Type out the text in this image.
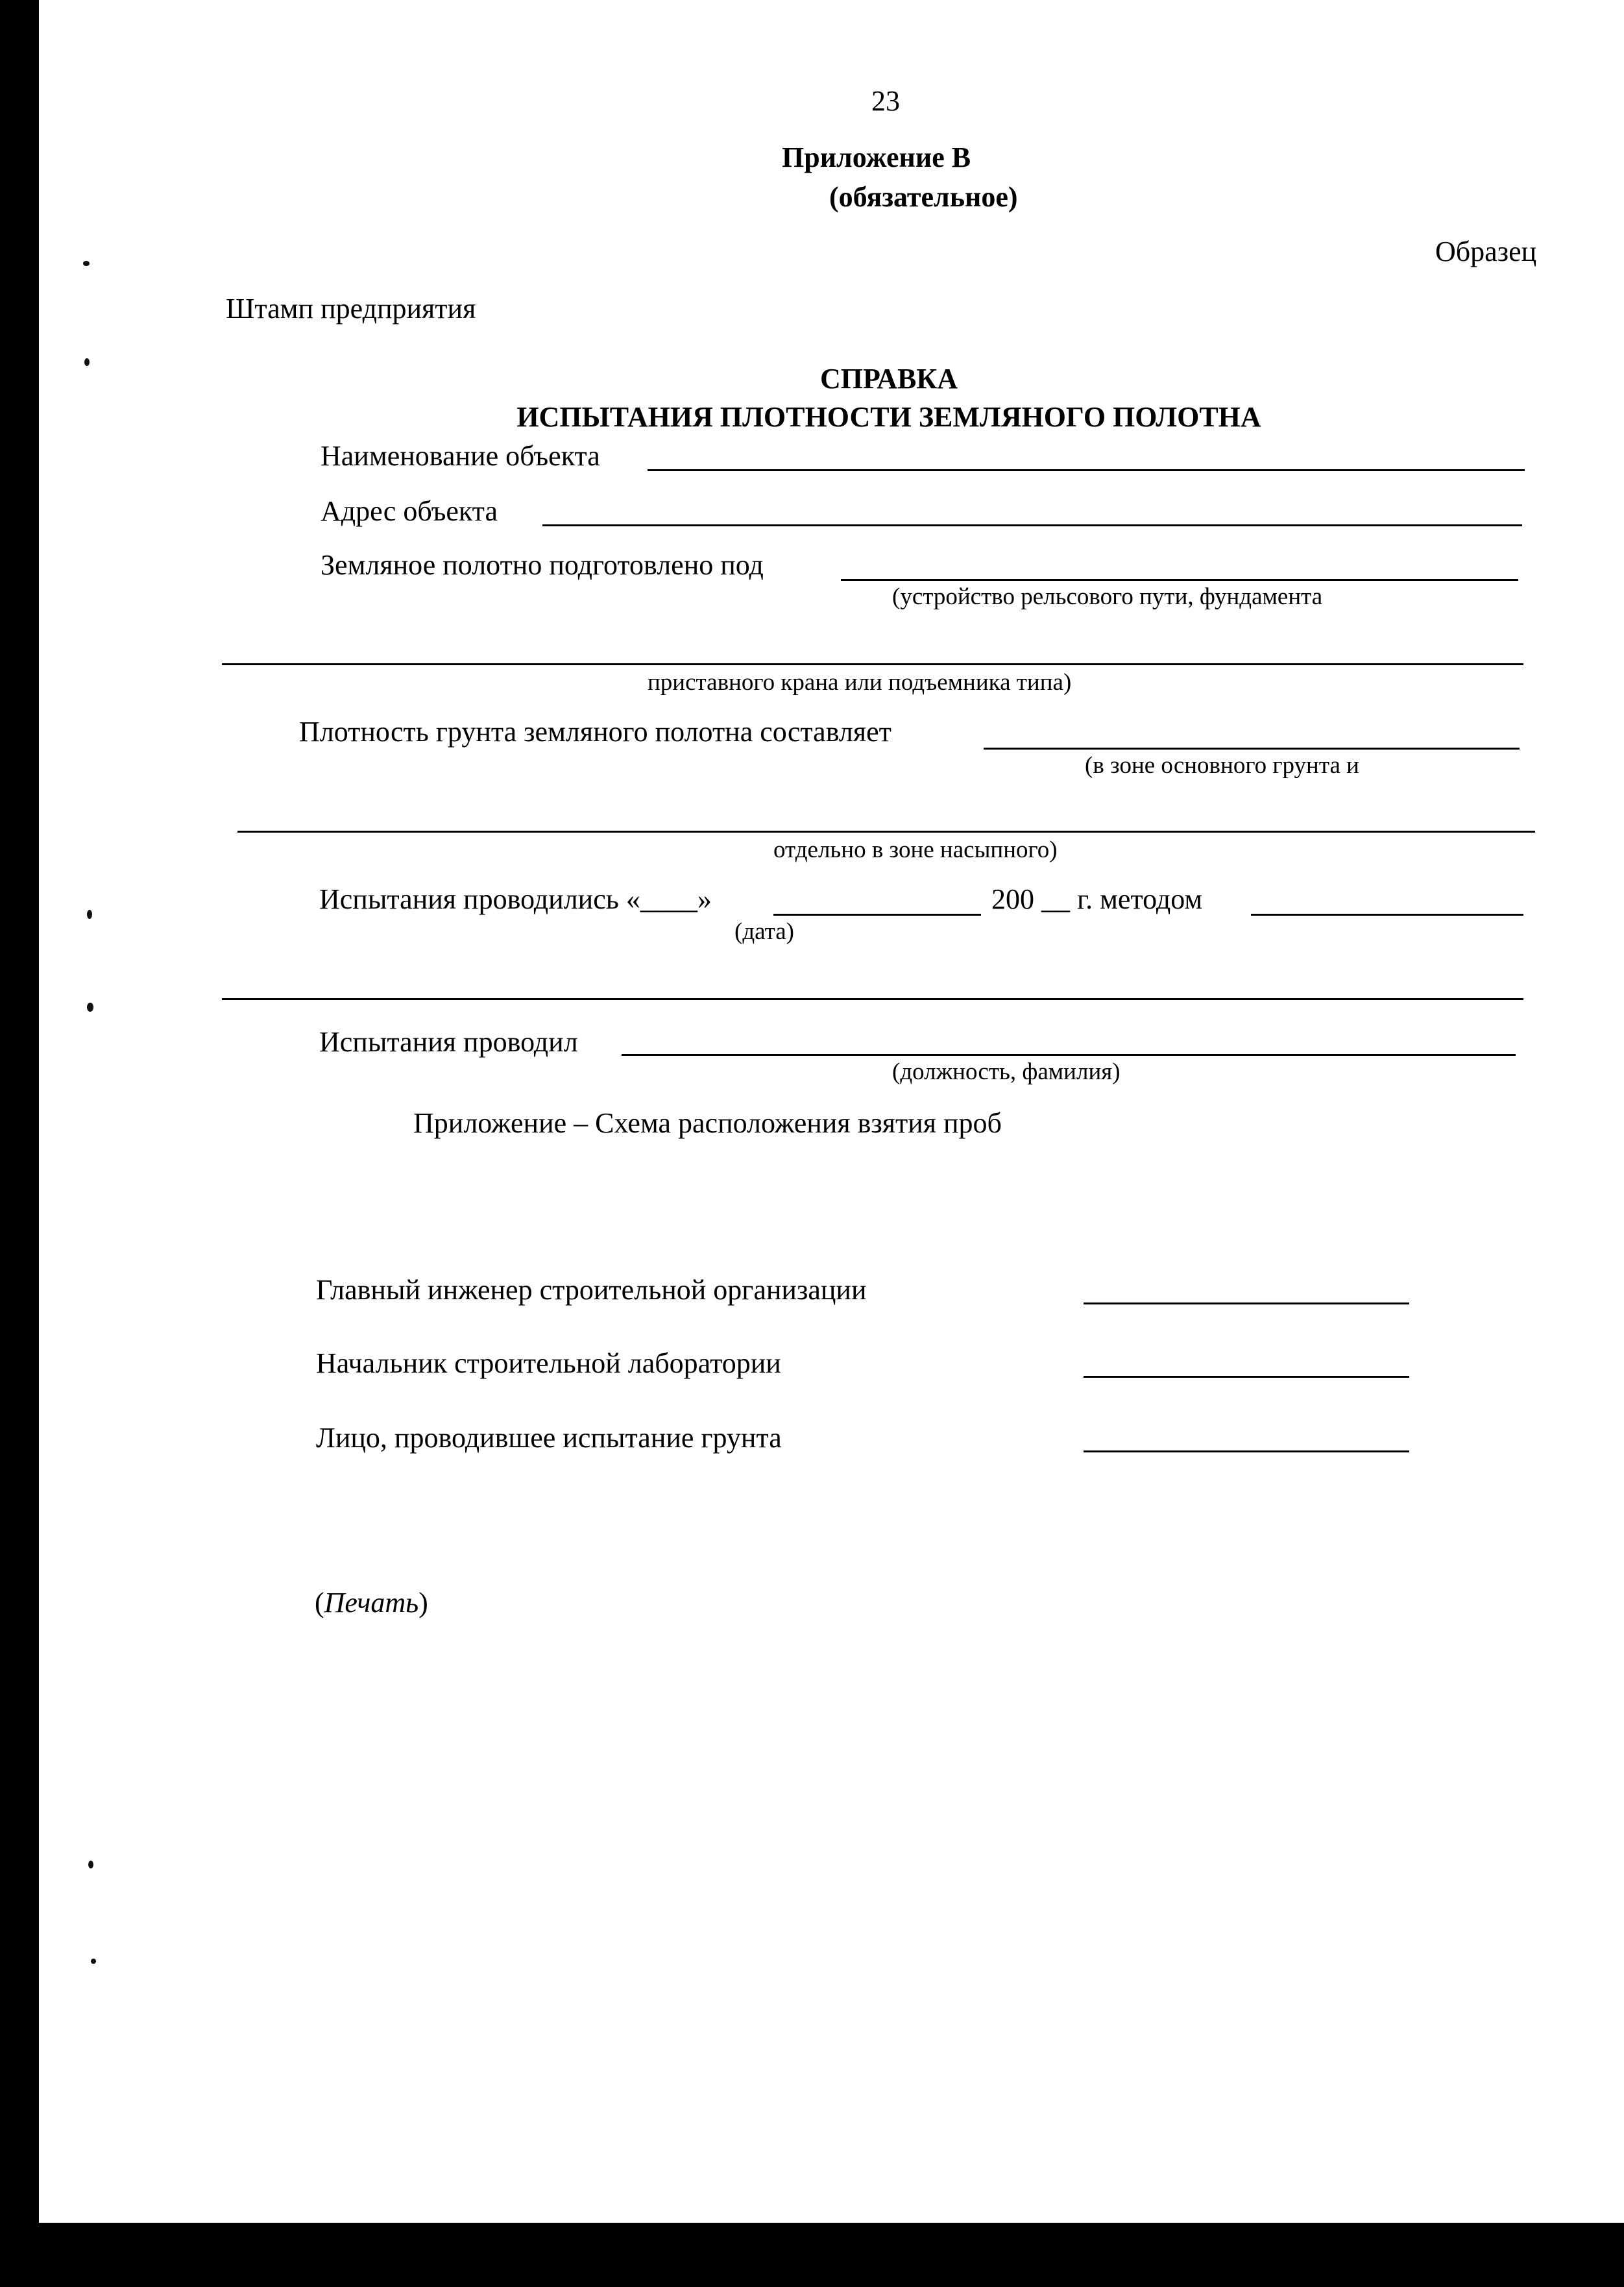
23
Приложение В
(обязательное)
Образец
Штамп предприятия
СПРАВКА
ИСПЫТАНИЯ ПЛОТНОСТИ ЗЕМЛЯНОГО ПОЛОТНА
Наименование объекта
Адрес объекта
Земляное полотно подготовлено под
(устройство рельсового пути, фундамента
приставного крана или подъемника типа)
Плотность грунта земляного полотна составляет
(в зоне основного грунта и
отдельно в зоне насыпного)
Испытания проводились «____»	200 __ г. методом
(дата)
Испытания проводил
(должность, фамилия)
Приложение – Схема расположения взятия проб
Главный инженер строительной организации
Начальник строительной лаборатории
Лицо, проводившее испытание грунта
(Печать)
